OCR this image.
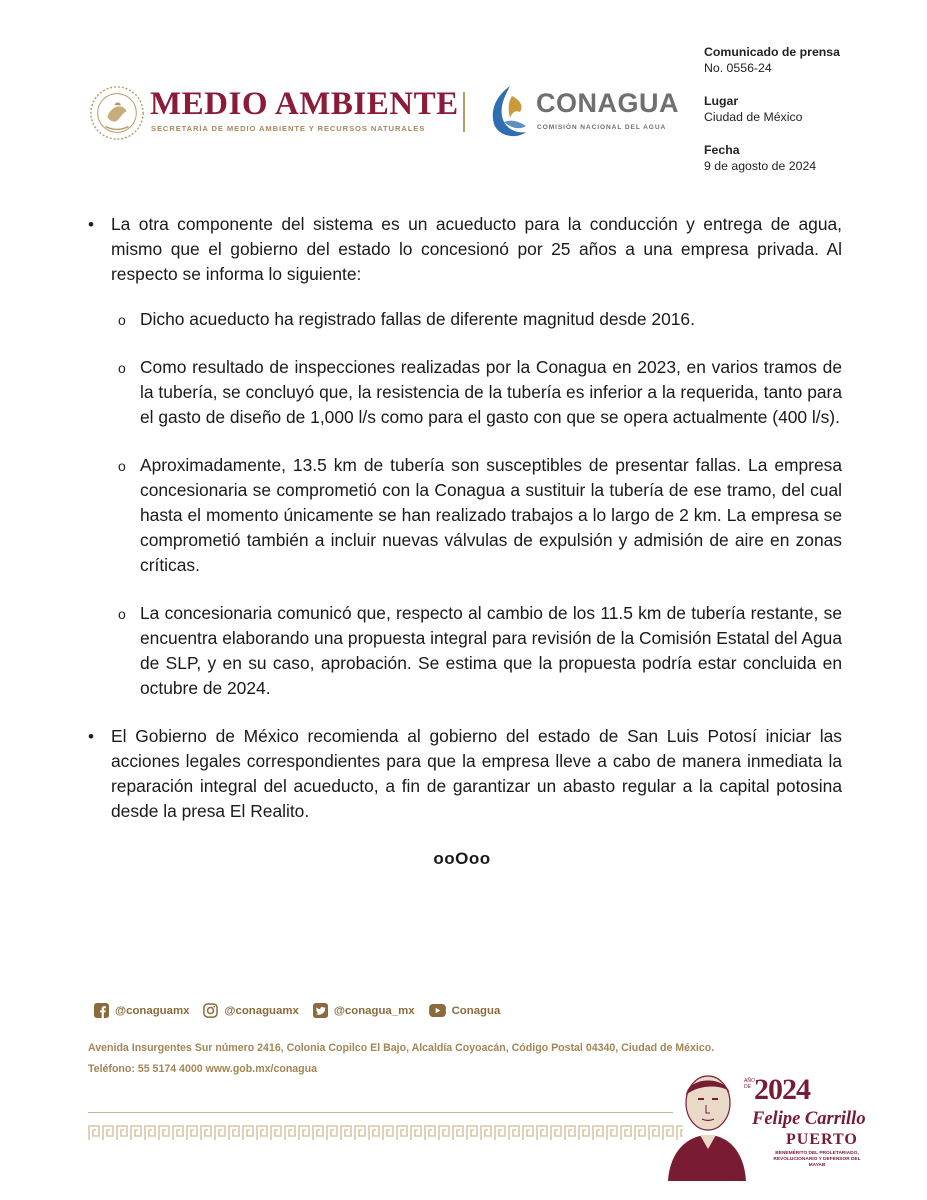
MEDIO AMBIENTE
SECRETARÍA DE MEDIO AMBIENTE Y RECURSOS NATURALES
CONAGUA
COMISIÓN NACIONAL DEL AGUA
Comunicado de prensa
No. 0556-24
Lugar
Ciudad de México
Fecha
9 de agosto de 2024
• La otra componente del sistema es un acueducto para la conducción y entrega de agua, mismo que el gobierno del estado lo concesionó por 25 años a una empresa privada. Al respecto se informa lo siguiente:
o Dicho acueducto ha registrado fallas de diferente magnitud desde 2016.
o Como resultado de inspecciones realizadas por la Conagua en 2023, en varios tramos de la tubería, se concluyó que, la resistencia de la tubería es inferior a la requerida, tanto para el gasto de diseño de 1,000 l/s como para el gasto con que se opera actualmente (400 l/s).
o Aproximadamente, 13.5 km de tubería son susceptibles de presentar fallas. La empresa concesionaria se comprometió con la Conagua a sustituir la tubería de ese tramo, del cual hasta el momento únicamente se han realizado trabajos a lo largo de 2 km. La empresa se comprometió también a incluir nuevas válvulas de expulsión y admisión de aire en zonas críticas.
o La concesionaria comunicó que, respecto al cambio de los 11.5 km de tubería restante, se encuentra elaborando una propuesta integral para revisión de la Comisión Estatal del Agua de SLP, y en su caso, aprobación. Se estima que la propuesta podría estar concluida en octubre de 2024.
• El Gobierno de México recomienda al gobierno del estado de San Luis Potosí iniciar las acciones legales correspondientes para que la empresa lleve a cabo de manera inmediata la reparación integral del acueducto, a fin de garantizar un abasto regular a la capital potosina desde la presa El Realito.
ooOoo
@conaguamx	@conaguamx	@conagua_mx	Conagua
Avenida Insurgentes Sur número 2416, Colonia Copilco El Bajo, Alcaldía Coyoacán, Código Postal 04340, Ciudad de México.
Teléfono: 55 5174 4000 www.gob.mx/conagua
AÑO DE 2024
Felipe Carrillo
PUERTO
BENEMÉRITO DEL PROLETARIADO, REVOLUCIONARIO Y DEFENSOR DEL MAYAB
